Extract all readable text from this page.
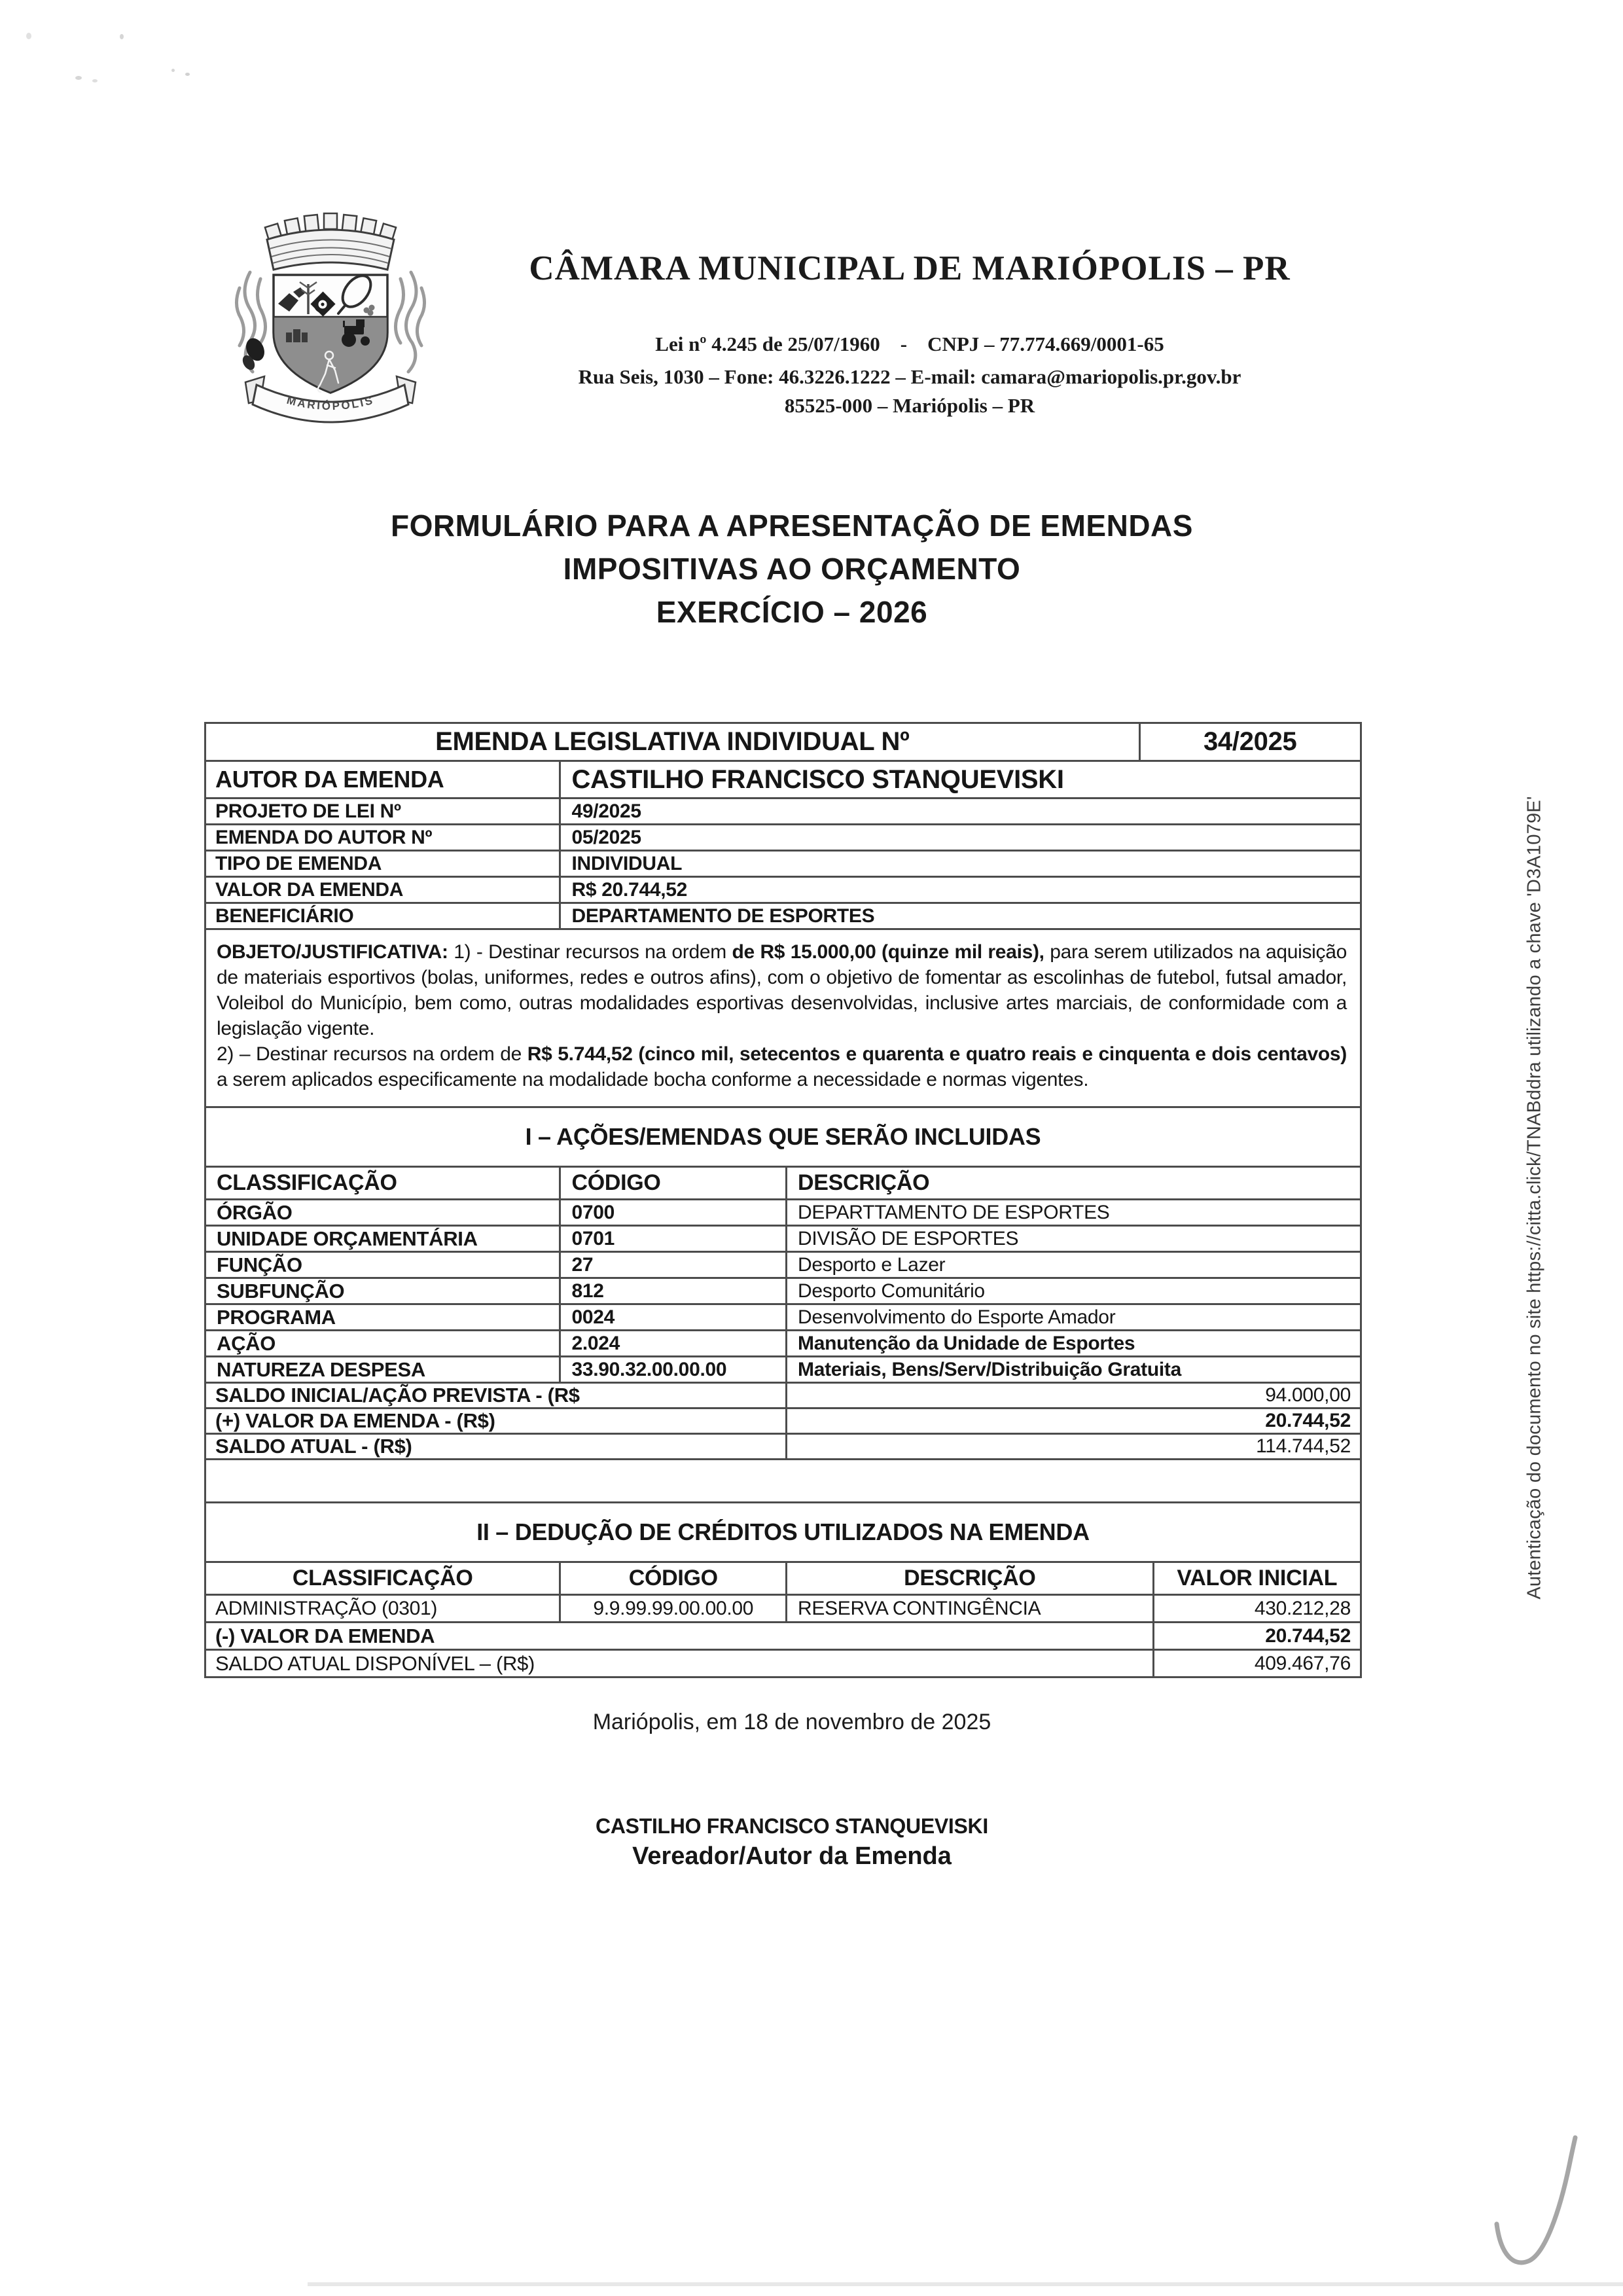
MARIÓPOLIS
CÂMARA MUNICIPAL DE MARIÓPOLIS – PR
Lei nº 4.245 de 25/07/1960    -    CNPJ – 77.774.669/0001-65
Rua Seis, 1030 – Fone: 46.3226.1222 – E-mail: camara@mariopolis.pr.gov.br
85525-000 – Mariópolis – PR
FORMULÁRIO PARA A APRESENTAÇÃO DE EMENDAS
IMPOSITIVAS AO ORÇAMENTO
EXERCÍCIO – 2026
EMENDA LEGISLATIVA INDIVIDUAL Nº	34/2025
AUTOR DA EMENDA	CASTILHO FRANCISCO STANQUEVISKI
PROJETO DE LEI Nº	49/2025
EMENDA DO AUTOR Nº	05/2025
TIPO DE EMENDA	INDIVIDUAL
VALOR DA EMENDA	R$ 20.744,52
BENEFICIÁRIO	DEPARTAMENTO DE ESPORTES

OBJETO/JUSTIFICATIVA: 1) - Destinar recursos na ordem de R$ 15.000,00 (quinze mil reais), para serem utilizados na aquisição de materiais esportivos (bolas, uniformes, redes e outros afins), com o objetivo de fomentar as escolinhas de futebol, futsal amador, Voleibol do Município, bem como, outras modalidades esportivas desenvolvidas, inclusive artes marciais, de conformidade com a legislação vigente.

2) – Destinar recursos na ordem de R$ 5.744,52 (cinco mil, setecentos e quarenta e quatro reais e cinquenta e dois centavos) a serem aplicados especificamente na modalidade bocha conforme a necessidade e normas vigentes.

I – AÇÕES/EMENDAS QUE SERÃO INCLUIDAS
CLASSIFICAÇÃO	CÓDIGO	DESCRIÇÃO
ÓRGÃO	0700	DEPARTTAMENTO DE ESPORTES
UNIDADE ORÇAMENTÁRIA	0701	DIVISÃO DE ESPORTES
FUNÇÃO	27	Desporto e Lazer
SUBFUNÇÃO	812	Desporto Comunitário
PROGRAMA	0024	Desenvolvimento do Esporte Amador
AÇÃO	2.024	Manutenção da Unidade de Esportes
NATUREZA DESPESA	33.90.32.00.00.00	Materiais, Bens/Serv/Distribuição Gratuita
SALDO INICIAL/AÇÃO PREVISTA - (R$	94.000,00
(+) VALOR DA EMENDA - (R$)	20.744,52
SALDO ATUAL - (R$)	114.744,52
II – DEDUÇÃO DE CRÉDITOS UTILIZADOS NA EMENDA
CLASSIFICAÇÃO	CÓDIGO	DESCRIÇÃO	VALOR INICIAL
ADMINISTRAÇÃO (0301)	9.9.99.99.00.00.00	RESERVA CONTINGÊNCIA	430.212,28
(-) VALOR DA EMENDA	20.744,52
SALDO ATUAL DISPONÍVEL – (R$)	409.467,76
Mariópolis, em 18 de novembro de 2025
CASTILHO FRANCISCO STANQUEVISKI
Vereador/Autor da Emenda
Autenticação do documento no site https://citta.click/TNABddra utilizando a chave 'D3A1079E'
